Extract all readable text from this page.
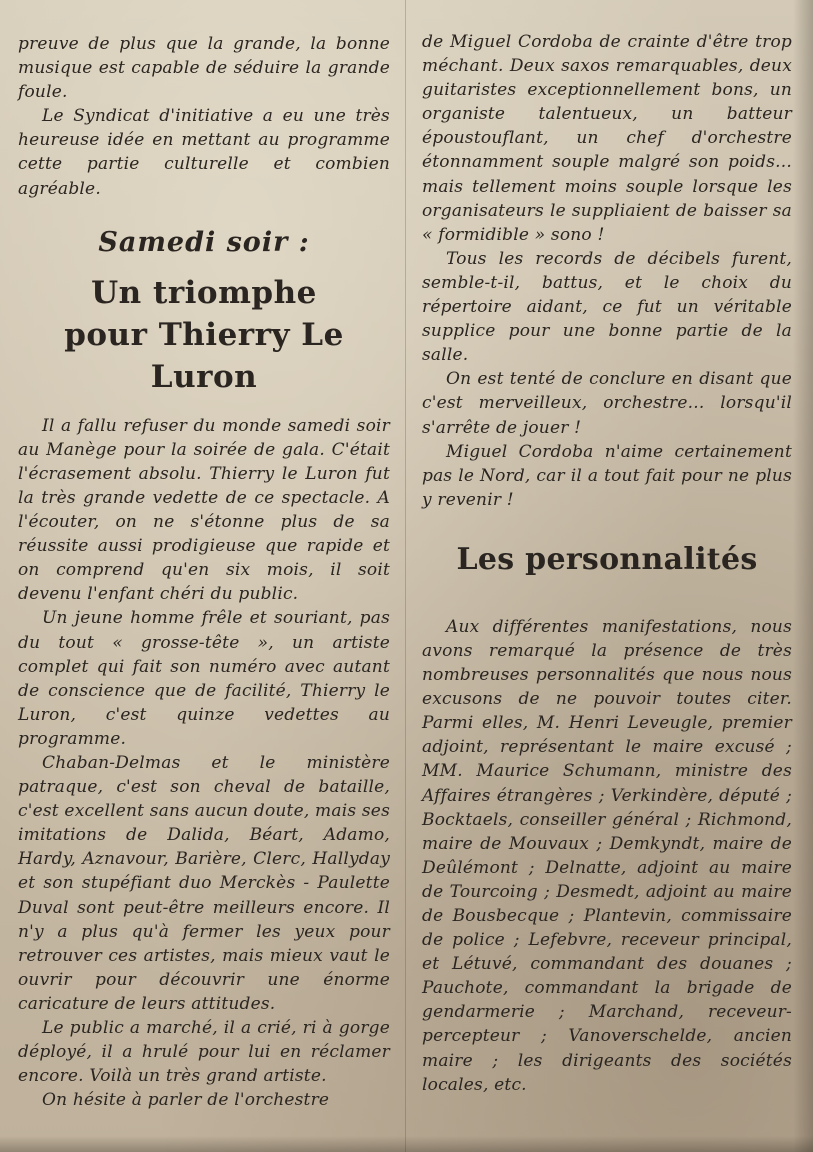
preuve de plus que la grande, la bonne musique est capable de séduire la grande foule.

Le Syndicat d'initiative a eu une très heureuse idée en mettant au programme cette partie culturelle et combien agréable.

Samedi soir :
Un triomphe
pour Thierry Le Luron

Il a fallu refuser du monde samedi soir au Manège pour la soirée de gala. C'était l'écrasement absolu. Thierry le Luron fut la très grande vedette de ce spectacle. A l'écouter, on ne s'étonne plus de sa réussite aussi prodigieuse que rapide et on comprend qu'en six mois, il soit devenu l'enfant chéri du public.

Un jeune homme frêle et souriant, pas du tout « grosse-tête », un artiste complet qui fait son numéro avec autant de conscience que de facilité, Thierry le Luron, c'est quinze vedettes au programme.

Chaban-Delmas et le ministère patraque, c'est son cheval de bataille, c'est excellent sans aucun doute, mais ses imitations de Dalida, Béart, Adamo, Hardy, Aznavour, Barière, Clerc, Hallyday et son stupéfiant duo Merckès - Paulette Duval sont peut-être meilleurs encore. Il n'y a plus qu'à fermer les yeux pour retrouver ces artistes, mais mieux vaut le ouvrir pour découvrir une énorme caricature de leurs attitudes.

Le public a marché, il a crié, ri à gorge déployé, il a hrulé pour lui en réclamer encore. Voilà un très grand artiste.

On hésite à parler de l'orchestre

de Miguel Cordoba de crainte d'être trop méchant. Deux saxos remarquables, deux guitaristes exceptionnellement bons, un organiste talentueux, un batteur époustouflant, un chef d'orchestre étonnamment souple malgré son poids... mais tellement moins souple lorsque les organisateurs le suppliaient de baisser sa « formidible » sono !

Tous les records de décibels furent, semble-t-il, battus, et le choix du répertoire aidant, ce fut un véritable supplice pour une bonne partie de la salle.

On est tenté de conclure en disant que c'est merveilleux, orchestre... lorsqu'il s'arrête de jouer !

Miguel Cordoba n'aime certainement pas le Nord, car il a tout fait pour ne plus y revenir !

Les personnalités

Aux différentes manifestations, nous avons remarqué la présence de très nombreuses personnalités que nous nous excusons de ne pouvoir toutes citer. Parmi elles, M. Henri Leveugle, premier adjoint, représentant le maire excusé ; MM. Maurice Schumann, ministre des Affaires étrangères ; Verkindère, député ; Bocktaels, conseiller général ; Richmond, maire de Mouvaux ; Demkyndt, maire de Deûlémont ; Delnatte, adjoint au maire de Tourcoing ; Desmedt, adjoint au maire de Bousbecque ; Plantevin, commissaire de police ; Lefebvre, receveur principal, et Létuvé, commandant des douanes ; Pauchote, commandant la brigade de gendarmerie ; Marchand, receveur-percepteur ; Vanoverschelde, ancien maire ; les dirigeants des sociétés locales, etc.
